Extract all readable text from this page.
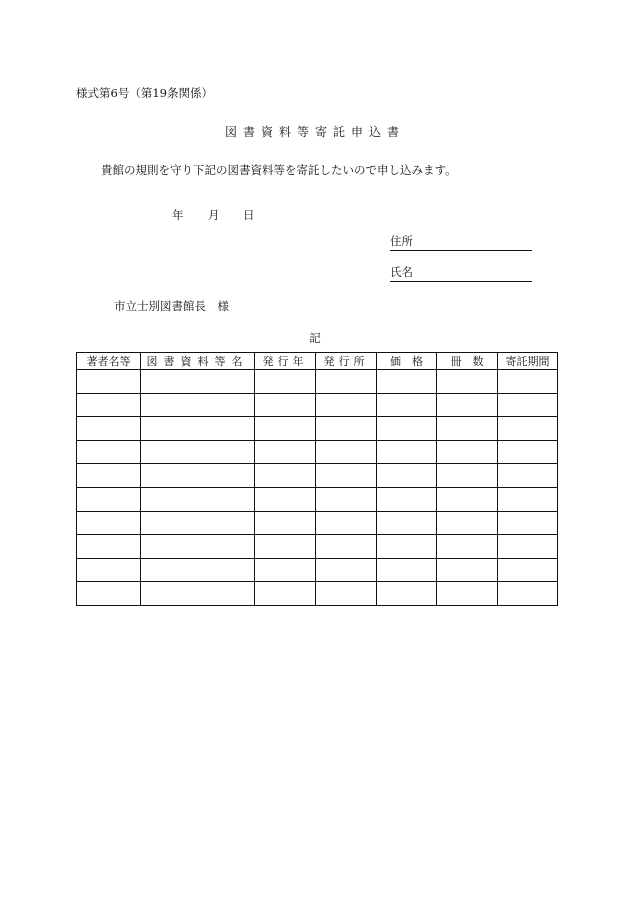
様式第6号（第19条関係）
図書資料等寄託申込書
貴館の規則を守り下記の図書資料等を寄託したいので申し込みます。
年 月 日
住所
氏名
市立士別図書館長　様
記
著者名等	図書資料等名	発行年	発行所	価　格	冊　数	寄託期間
